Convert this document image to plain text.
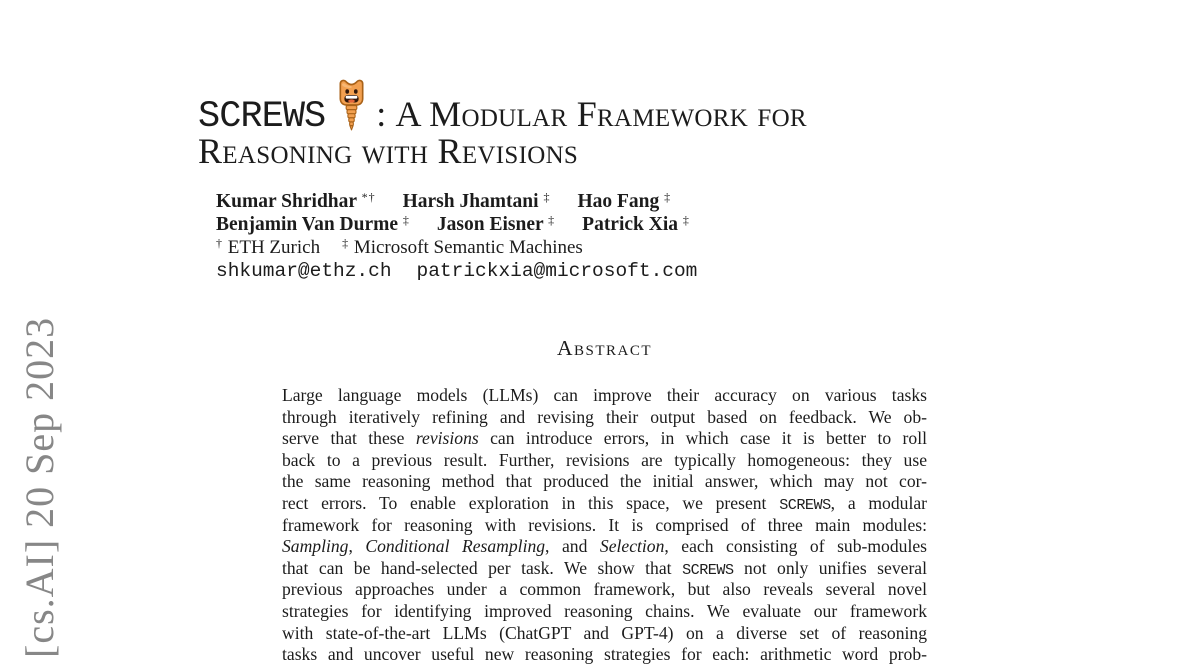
[cs.AI] 20 Sep 2023
SCREWS : A Modular Framework for
Reasoning with Revisions
Kumar Shridhar *† Harsh Jhamtani ‡ Hao Fang ‡
Benjamin Van Durme ‡ Jason Eisner ‡ Patrick Xia ‡
† ETH Zurich ‡ Microsoft Semantic Machines
shkumar@ethz.ch patrickxia@microsoft.com
Abstract
Large language models (LLMs) can improve their accuracy on various tasks
through iteratively refining and revising their output based on feedback. We ob-
serve that these revisions can introduce errors, in which case it is better to roll
back to a previous result. Further, revisions are typically homogeneous: they use
the same reasoning method that produced the initial answer, which may not cor-
rect errors. To enable exploration in this space, we present SCREWS, a modular
framework for reasoning with revisions. It is comprised of three main modules:
Sampling, Conditional Resampling, and Selection, each consisting of sub-modules
that can be hand-selected per task. We show that SCREWS not only unifies several
previous approaches under a common framework, but also reveals several novel
strategies for identifying improved reasoning chains. We evaluate our framework
with state-of-the-art LLMs (ChatGPT and GPT-4) on a diverse set of reasoning
tasks and uncover useful new reasoning strategies for each: arithmetic word prob-
